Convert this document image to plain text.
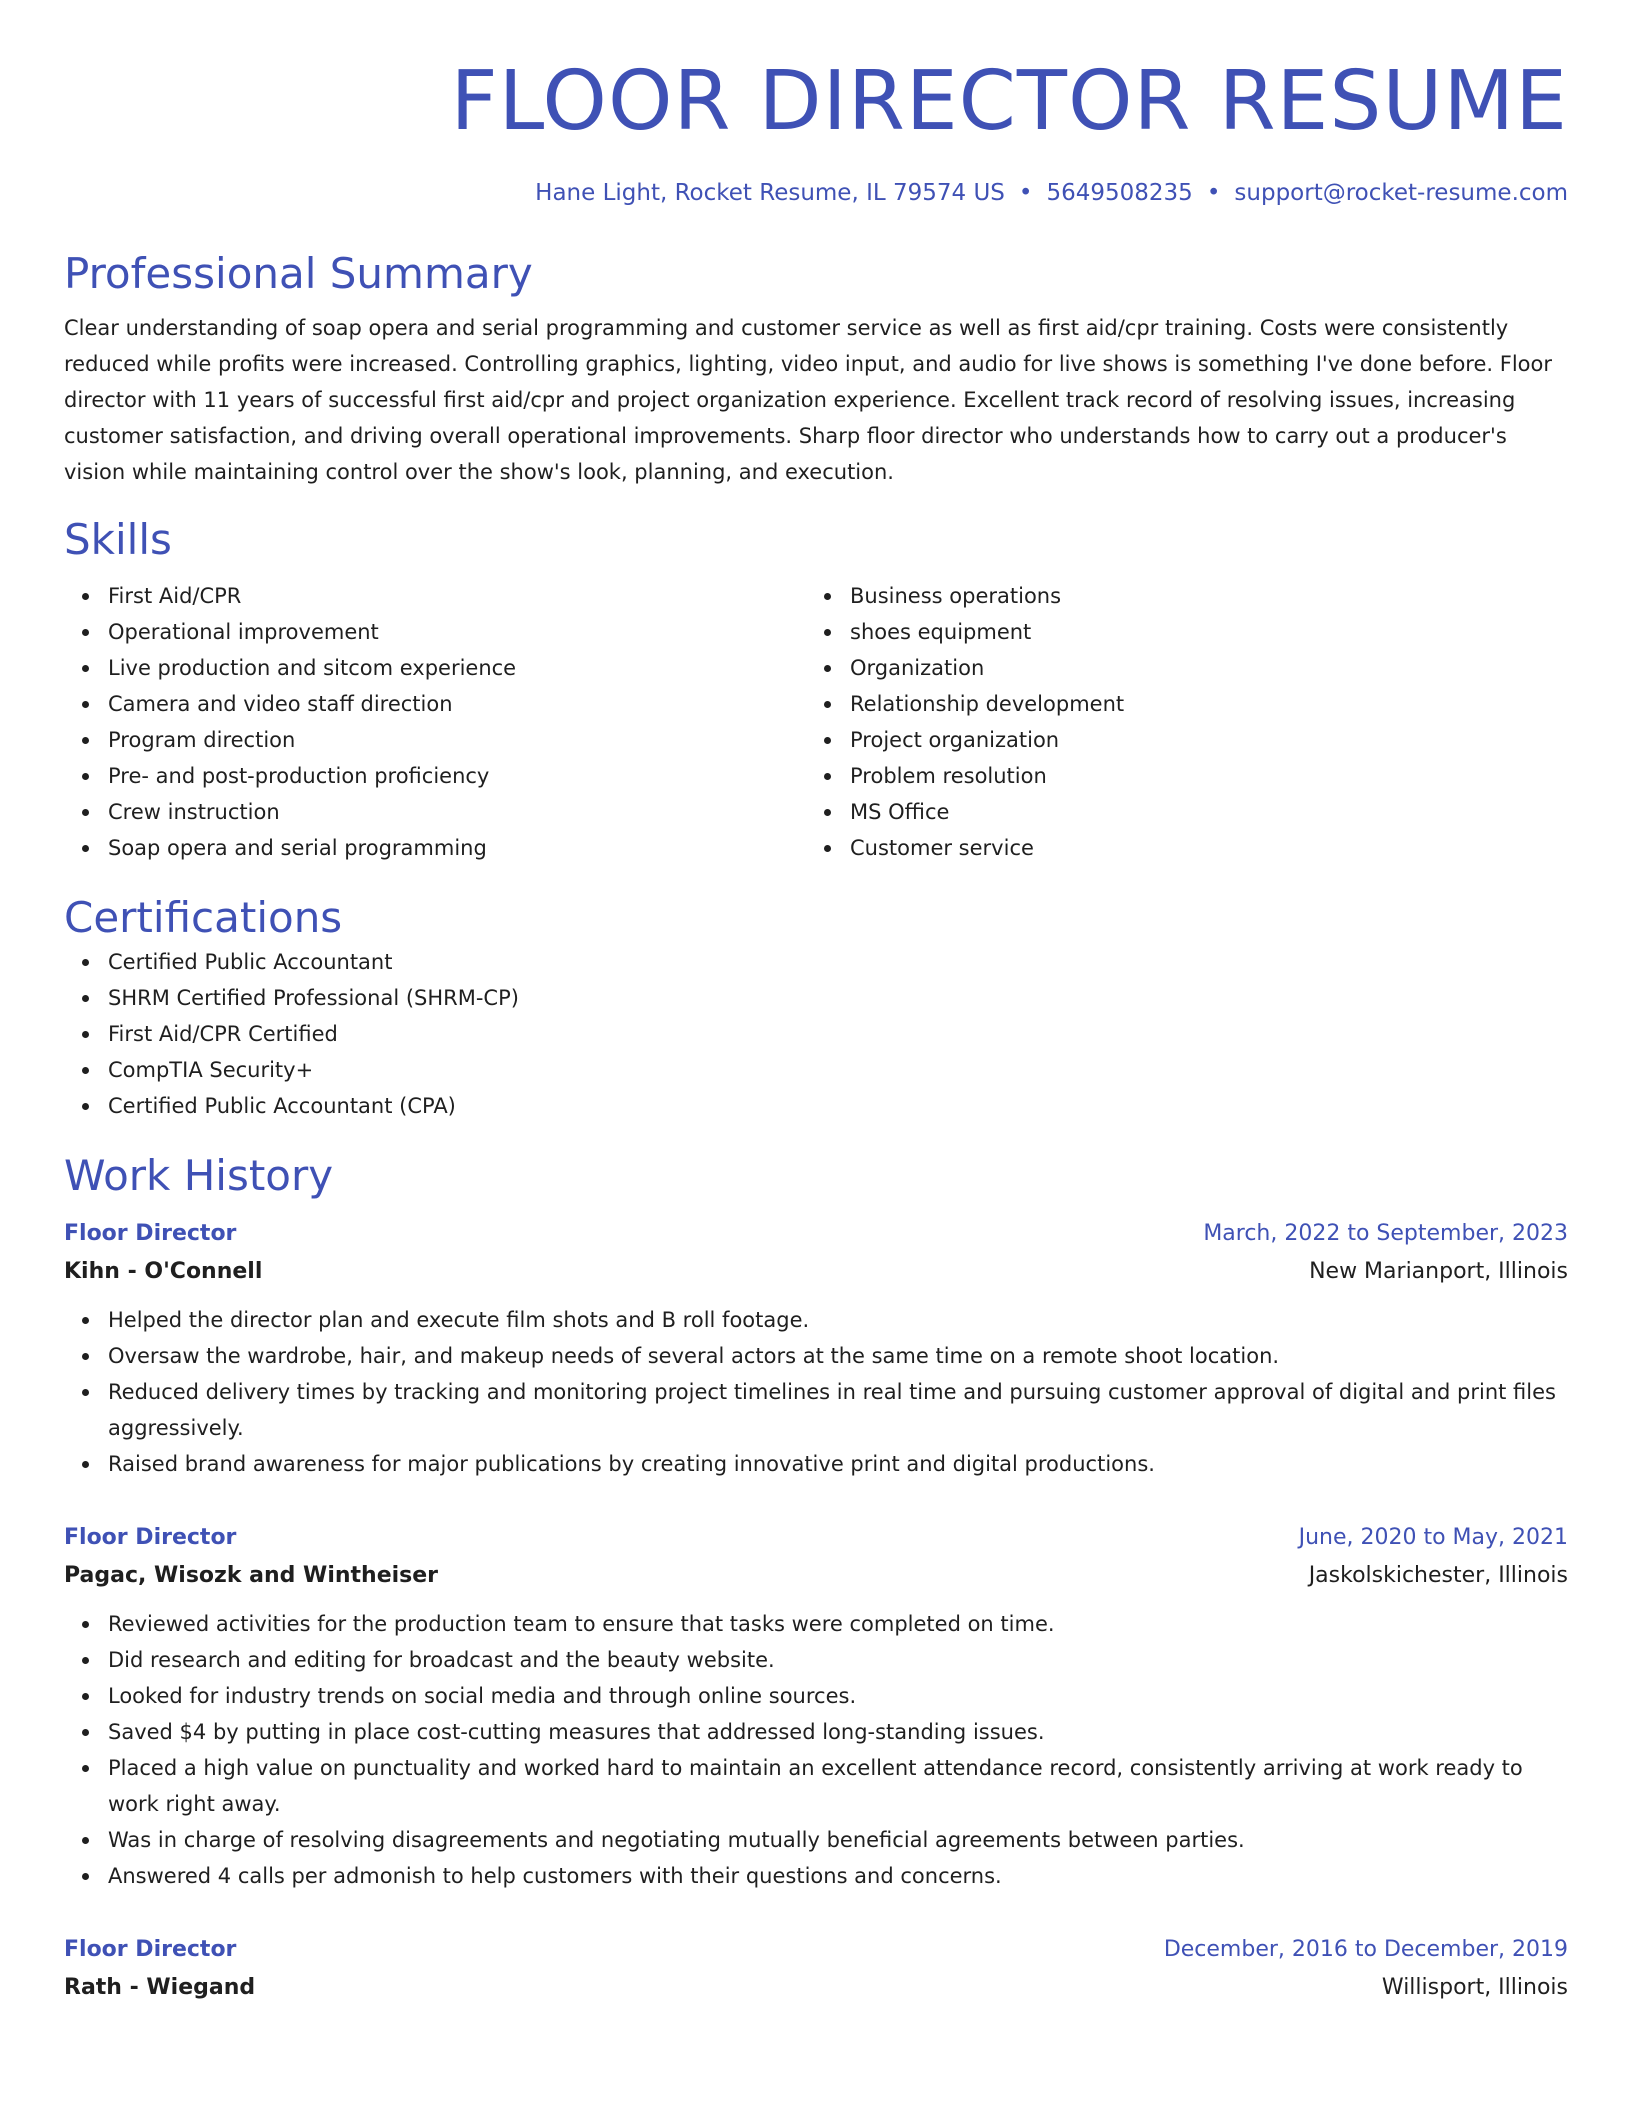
FLOOR DIRECTOR RESUME
Hane Light, Rocket Resume, IL 79574 US • 5649508235 • support@rocket-resume.com
Professional Summary

Clear understanding of soap opera and serial programming and customer service as well as first aid/cpr training. Costs were consistently reduced while profits were increased. Controlling graphics, lighting, video input, and audio for live shows is something I've done before. Floor director with 11 years of successful first aid/cpr and project organization experience. Excellent track record of resolving issues, increasing customer satisfaction, and driving overall operational improvements. Sharp floor director who understands how to carry out a producer's vision while maintaining control over the show's look, planning, and execution.

Skills
First Aid/CPR
Operational improvement
Live production and sitcom experience
Camera and video staff direction
Program direction
Pre- and post-production proficiency
Crew instruction
Soap opera and serial programming
Business operations
shoes equipment
Organization
Relationship development
Project organization
Problem resolution
MS Office
Customer service
Certifications
Certified Public Accountant
SHRM Certified Professional (SHRM-CP)
First Aid/CPR Certified
CompTIA Security+
Certified Public Accountant (CPA)
Work History
Floor Director	March, 2022 to September, 2023
Kihn - O'Connell	New Marianport, Illinois
Helped the director plan and execute film shots and B roll footage.
Oversaw the wardrobe, hair, and makeup needs of several actors at the same time on a remote shoot location.
Reduced delivery times by tracking and monitoring project timelines in real time and pursuing customer approval of digital and print files aggressively.
Raised brand awareness for major publications by creating innovative print and digital productions.
Floor Director	June, 2020 to May, 2021
Pagac, Wisozk and Wintheiser	Jaskolskichester, Illinois
Reviewed activities for the production team to ensure that tasks were completed on time.
Did research and editing for broadcast and the beauty website.
Looked for industry trends on social media and through online sources.
Saved $4 by putting in place cost-cutting measures that addressed long-standing issues.
Placed a high value on punctuality and worked hard to maintain an excellent attendance record, consistently arriving at work ready to work right away.
Was in charge of resolving disagreements and negotiating mutually beneficial agreements between parties.
Answered 4 calls per admonish to help customers with their questions and concerns.
Floor Director	December, 2016 to December, 2019
Rath - Wiegand	Willisport, Illinois
